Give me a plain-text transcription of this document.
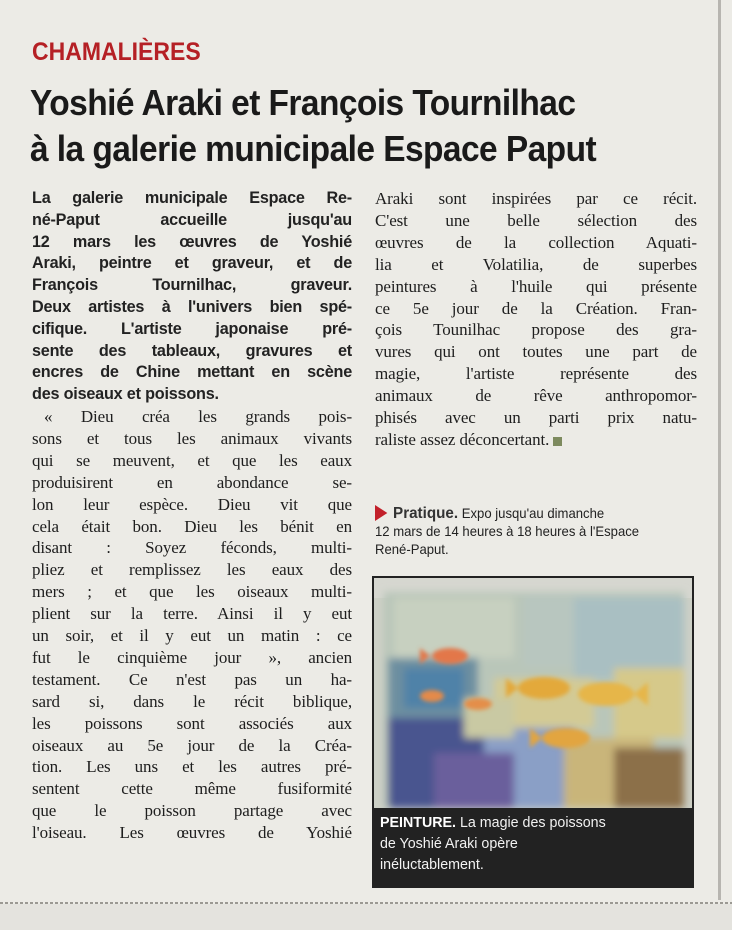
CHAMALIÈRES
Yoshié Araki et François Tournilhac
à la galerie municipale Espace Paput
La galerie municipale Espace Re-
né-Paput accueille jusqu'au
12 mars les œuvres de Yoshié
Araki, peintre et graveur, et de
François Tournilhac, graveur.
Deux artistes à l'univers bien spé-
cifique. L'artiste japonaise pré-
sente des tableaux, gravures et
encres de Chine mettant en scène
des oiseaux et poissons.
« Dieu créa les grands pois-
sons et tous les animaux vivants
qui se meuvent, et que les eaux
produisirent en abondance se-
lon leur espèce. Dieu vit que
cela était bon. Dieu les bénit en
disant : Soyez féconds, multi-
pliez et remplissez les eaux des
mers ; et que les oiseaux multi-
plient sur la terre. Ainsi il y eut
un soir, et il y eut un matin : ce
fut le cinquième jour », ancien
testament. Ce n'est pas un ha-
sard si, dans le récit biblique,
les poissons sont associés aux
oiseaux au 5e jour de la Créa-
tion. Les uns et les autres pré-
sentent cette même fusiformité
que le poisson partage avec
l'oiseau. Les œuvres de Yoshié
Araki sont inspirées par ce récit.
C'est une belle sélection des
œuvres de la collection Aquati-
lia et Volatilia, de superbes
peintures à l'huile qui présente
ce 5e jour de la Création. Fran-
çois Tounilhac propose des gra-
vures qui ont toutes une part de
magie, l'artiste représente des
animaux de rêve anthropomor-
phisés avec un parti prix natu-
raliste assez déconcertant.
Pratique. Expo jusqu'au dimanche
12 mars de 14 heures à 18 heures à l'Espace
René-Paput.
PEINTURE. La magie des poissons
de Yoshié Araki opère
inéluctablement.
